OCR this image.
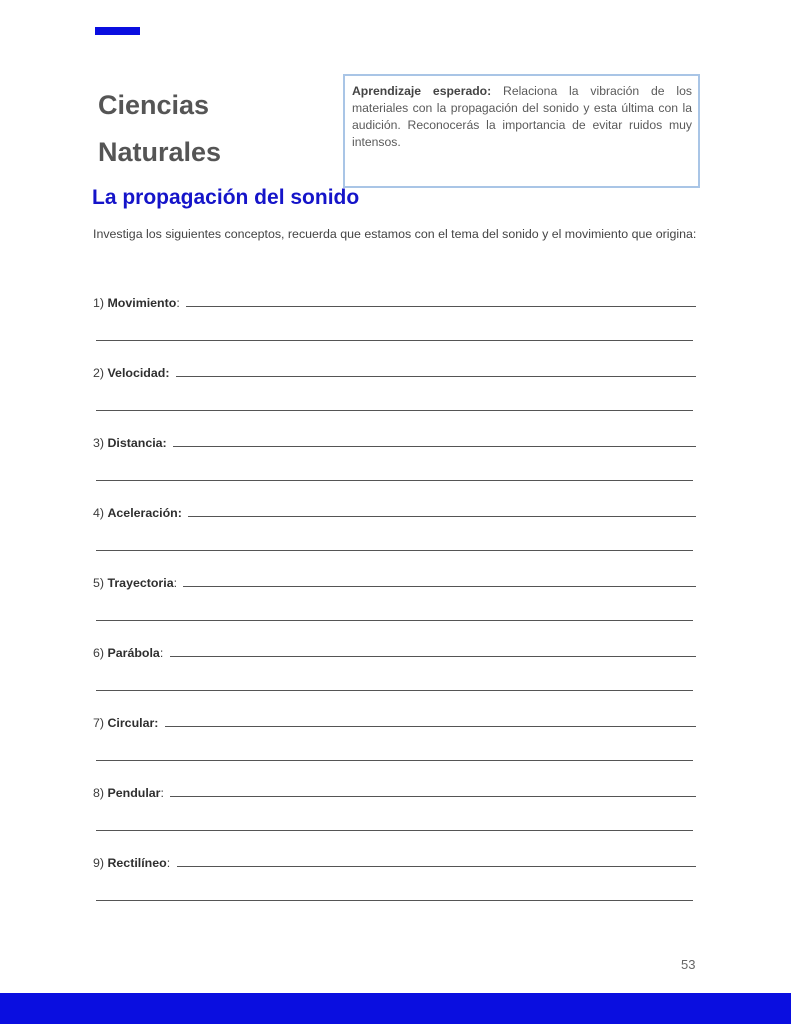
Ciencias
Naturales
Aprendizaje esperado: Relaciona la vibración de los materiales con la propagación del sonido y esta última con la audición. Reconocerás la importancia de evitar ruidos muy intensos.
La propagación del sonido
Investiga los siguientes conceptos, recuerda que estamos con el tema del sonido y el movimiento que origina:
1) Movimiento :
2) Velocidad:

3) Distancia:

4) Aceleración:

5) Trayectoria :
6) Parábola :
7) Circular:

8) Pendular :
9) Rectilíneo :
53
